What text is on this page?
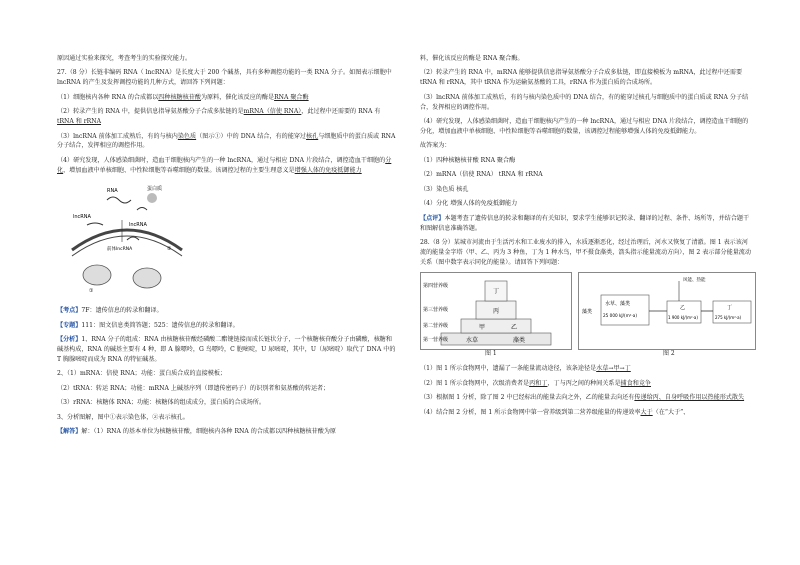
原因通过实验来探究，考查考生的实验探究能力。

27.（8 分）长链非编码 RNA（ lncRNA）是长度大于 200 个碱基，具有多种调控功能的一类 RNA 分子。如图表示细胞中 lncRNA 的产生及发挥调控功能的几种方式，请回答下列问题：

（1）细胞核内各种 RNA 的合成都以四种核糖核苷酸为原料，催化该反应的酶是RNA 聚合酶

（2）转录产生的 RNA 中，提供信息指导氨基酸分子合成多肽链的是mRNA（信使 RNA），此过程中还需要的 RNA 有tRNA 和 rRNA

（3）lncRNA 前体加工成熟后，有的与核内染色质（图示①）中的 DNA 结合，有的能穿过核孔与细胞质中的蛋白质或 RNA 分子结合，发挥相应的调控作用。

（4）研究发现，人体感染细菌时，造血干细胞核内产生的一种 lncRNA，通过与相应 DNA 片段结合，调控造血干细胞的分化，增加血液中单核细胞、中性粒细胞等吞噬细胞的数量。该调控过程的主要生理意义是增强人体的免疫抵御能力

RNA	蛋白质
lncRNA
lncRNA
前体lncRNA
①
②

【考点】7F：遗传信息的转录和翻译。

【专题】111：图文信息类简答题；525：遗传信息的转录和翻译。

【分析】1、RNA 分子的组成：RNA 由核糖核苷酸经磷酸二酯键链接而成长链状分子，一个核糖核苷酸分子由磷酸，核糖和碱基构成，RNA 的碱基主要有 4 种，即 A 腺嘌呤，G 鸟嘌呤，C 胞嘧啶，U 尿嘧啶，其中，U（尿嘧啶）取代了 DNA 中的 T 胸腺嘧啶而成为 RNA 的特征碱基。

2、（1）mRNA：信使 RNA；功能：蛋白质合成的直接模板；

（2）tRNA：转运 RNA；功能：mRNA 上碱基序列（即遗传密码子）的识别者和氨基酸的转运者；

（3）rRNA：核糖体 RNA；功能：核糖体的组成成分，蛋白质的合成场所。

3、分析图解，图中①表示染色体，②表示核孔。

【解答】解：（1）RNA 的基本单位为核糖核苷酸，细胞核内各种 RNA 的合成都以四种核糖核苷酸为原

料，催化该反应的酶是 RNA 聚合酶。

（2）转录产生的 RNA 中，mRNA 能够提供信息指导氨基酸分子合成多肽链，即直接模板为 mRNA，此过程中还需要 tRNA 和 rRNA，其中 tRNA 作为运输氨基酸的工具，rRNA 作为蛋白质的合成场所。

（3）lncRNA 前体加工成熟后，有的与核内染色质中的 DNA 结合，有的能穿过核孔与细胞质中的蛋白质或 RNA 分子结合，发挥相应的调控作用。

（4）研究发现，人体感染细菌时，造血干细胞核内产生的一种 lncRNA，通过与相应 DNA 片段结合，调控造血干细胞的分化，增加血液中单核细胞、中性粒细胞等吞噬细胞的数量，该调控过程能够增强人体的免疫抵御能力。

故答案为：

（1）四种核糖核苷酸 RNA 聚合酶

（2）mRNA（信使 RNA） tRNA 和 rRNA

（3）染色质 核孔

（4）分化 增强人体的免疫抵御能力

【点评】本题考查了遗传信息的转录和翻译的有关知识，要求学生能够识记转录、翻译的过程、条件、场所等，并结合题干和图解信息准确答题。

28.（8 分）某城市河流由于生活污水和工业废水的排入，水质逐渐恶化，经过治理后，河水又恢复了清澈。图 1 表示该河流的能量金字塔（甲、乙、丙为 3 种鱼，丁为 1 种水鸟，甲不摄食藻类，箭头指示能量流动方向），图 2 表示部分能量流动关系（图中数字表示同化的能量）。请回答下列问题：

第四营养级
第三营养级
第二营养级
第一营养级
丁
丙
甲	乙
水草	藻类
图 1
藻类
水草、藻类
25 000 kJ/(m²·a)
乙
1 900 kJ/(m²·a)
丁
275 kJ/(m²·a)
风能、热能
图 2

（1）图 1 所示食物网中，遗漏了一条能量流动途径，该条途径是水草→甲→丁

（2）图 1 所示食物网中，次级消费者是丙和丁，丁与丙之间的种间关系是捕食和竞争

（3）根据图 1 分析，除了图 2 中已经标出的能量去向之外，乙的能量去向还有传递给丙、自身呼吸作用以热能形式散失

（4）结合图 2 分析，图 1 所示食物网中第一营养级到第二营养级能量的传递效率大于（在“大于”、
